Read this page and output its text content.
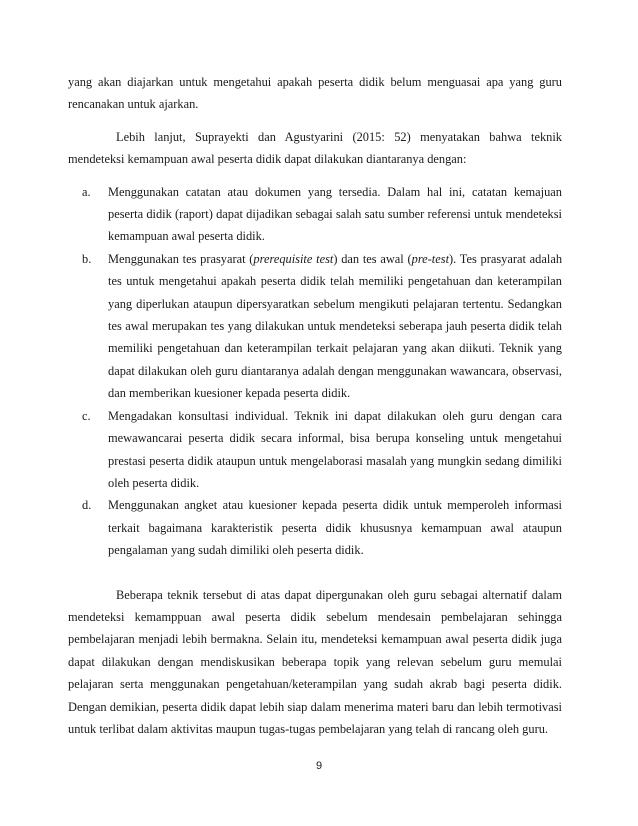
yang akan diajarkan untuk mengetahui apakah peserta didik belum menguasai apa yang guru rencanakan untuk ajarkan.

Lebih lanjut, Suprayekti dan Agustyarini (2015: 52) menyatakan bahwa teknik mendeteksi kemampuan awal peserta didik dapat dilakukan diantaranya dengan:

a. Menggunakan catatan atau dokumen yang tersedia. Dalam hal ini, catatan kemajuan peserta didik (raport) dapat dijadikan sebagai salah satu sumber referensi untuk mendeteksi kemampuan awal peserta didik.
b. Menggunakan tes prasyarat (prerequisite test) dan tes awal (pre-test). Tes prasyarat adalah tes untuk mengetahui apakah peserta didik telah memiliki pengetahuan dan keterampilan yang diperlukan ataupun dipersyaratkan sebelum mengikuti pelajaran tertentu. Sedangkan tes awal merupakan tes yang dilakukan untuk mendeteksi seberapa jauh peserta didik telah memiliki pengetahuan dan keterampilan terkait pelajaran yang akan diikuti. Teknik yang dapat dilakukan oleh guru diantaranya adalah dengan menggunakan wawancara, observasi, dan memberikan kuesioner kepada peserta didik.
c. Mengadakan konsultasi individual. Teknik ini dapat dilakukan oleh guru dengan cara mewawancarai peserta didik secara informal, bisa berupa konseling untuk mengetahui prestasi peserta didik ataupun untuk mengelaborasi masalah yang mungkin sedang dimiliki oleh peserta didik.
d. Menggunakan angket atau kuesioner kepada peserta didik untuk memperoleh informasi terkait bagaimana karakteristik peserta didik khususnya kemampuan awal ataupun pengalaman yang sudah dimiliki oleh peserta didik.

Beberapa teknik tersebut di atas dapat dipergunakan oleh guru sebagai alternatif dalam mendeteksi kemamppuan awal peserta didik sebelum mendesain pembelajaran sehingga pembelajaran menjadi lebih bermakna. Selain itu, mendeteksi kemampuan awal peserta didik juga dapat dilakukan dengan mendiskusikan beberapa topik yang relevan sebelum guru memulai pelajaran serta menggunakan pengetahuan/keterampilan yang sudah akrab bagi peserta didik. Dengan demikian, peserta didik dapat lebih siap dalam menerima materi baru dan lebih termotivasi untuk terlibat dalam aktivitas maupun tugas-tugas pembelajaran yang telah di rancang oleh guru.

9
